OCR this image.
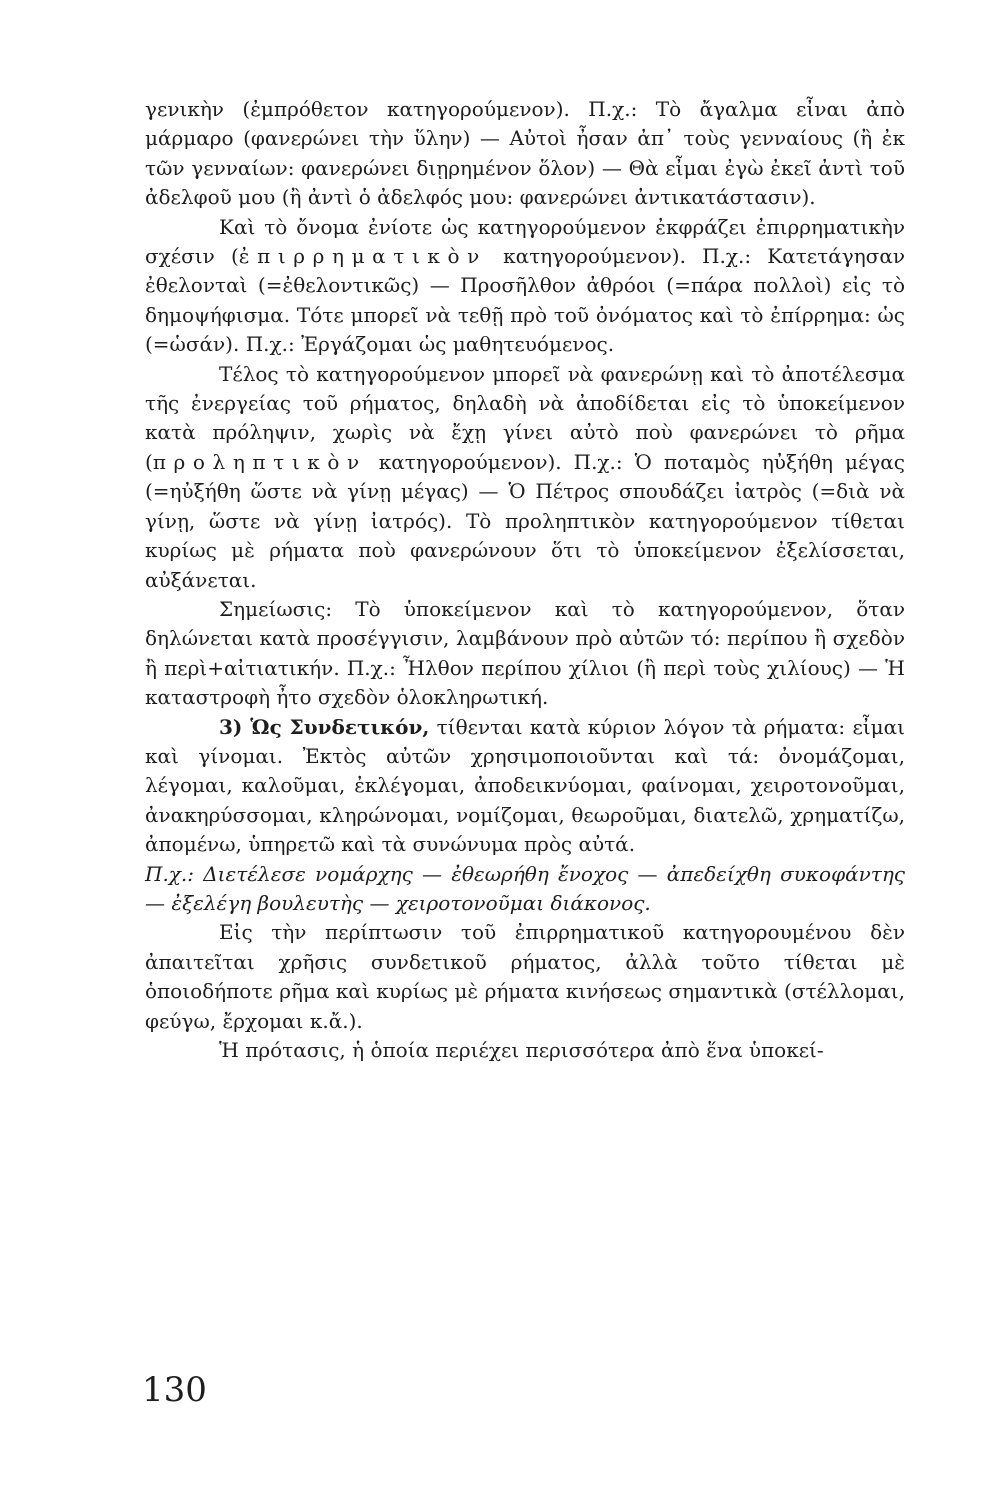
γενικὴν (ἐμπρόθετον κατηγορούμενον). Π.χ.: Τὸ ἄγαλμα εἶναι ἀπὸ μάρμαρο (φανερώνει τὴν ὕλην) — Αὐτοὶ ἦσαν ἀπ᾽ τοὺς γενναίους (ἢ ἐκ τῶν γενναίων: φανερώνει διῃρημένον ὅλον) — Θὰ εἶμαι ἐγὼ ἐκεῖ ἀντὶ τοῦ ἀδελφοῦ μου (ἢ ἀντὶ ὁ ἀδελφός μου: φανερώνει ἀντικατάστασιν).

Καὶ τὸ ὄνομα ἐνίοτε ὡς κατηγορούμενον ἐκφράζει ἐπιρρηματικὴν σχέσιν (ἐπιρρηματικὸν κατηγορούμενον). Π.χ.: Κατετάγησαν ἐθελονταὶ (=ἐθελοντικῶς) — Προσῆλθον ἀθρόοι (=πάρα πολλοὶ) εἰς τὸ δημοψήφισμα. Τότε μπορεῖ νὰ τεθῇ πρὸ τοῦ ὀνόματος καὶ τὸ ἐπίρρημα: ὡς (=ὡσάν). Π.χ.: Ἐργάζομαι ὡς μαθητευόμενος.

Τέλος τὸ κατηγορούμενον μπορεῖ νὰ φανερώνῃ καὶ τὸ ἀποτέλεσμα τῆς ἐνεργείας τοῦ ρήματος, δηλαδὴ νὰ ἀποδίδεται εἰς τὸ ὑποκείμενον κατὰ πρόληψιν, χωρὶς νὰ ἔχῃ γίνει αὐτὸ ποὺ φανερώνει τὸ ρῆμα (προληπτικὸν κατηγορούμενον). Π.χ.: Ὁ ποταμὸς ηὐξήθη μέγας (=ηὐξήθη ὥστε νὰ γίνῃ μέγας) — Ὁ Πέτρος σπουδάζει ἰατρὸς (=διὰ νὰ γίνῃ, ὥστε νὰ γίνῃ ἰατρός). Τὸ προληπτικὸν κατηγορούμενον τίθεται κυρίως μὲ ρήματα ποὺ φανερώνουν ὅτι τὸ ὑποκείμενον ἐξελίσσεται, αὐξάνεται.

Σημείωσις: Τὸ ὑποκείμενον καὶ τὸ κατηγορούμενον, ὅταν δηλώνεται κατὰ προσέγγισιν, λαμβάνουν πρὸ αὐτῶν τό: περίπου ἢ σχεδὸν ἢ περὶ+αἰτιατικήν. Π.χ.: Ἦλθον περίπου χίλιοι (ἢ περὶ τοὺς χιλίους) — Ἡ καταστροφὴ ἦτο σχεδὸν ὁλοκληρωτική.

3) Ὡς Συνδετικόν, τίθενται κατὰ κύριον λόγον τὰ ρήματα: εἶμαι καὶ γίνομαι. Ἐκτὸς αὐτῶν χρησιμοποιοῦνται καὶ τά: ὀνομάζομαι, λέγομαι, καλοῦμαι, ἐκλέγομαι, ἀποδεικνύομαι, φαίνομαι, χειροτονοῦμαι, ἀνακηρύσσομαι, κληρώνομαι, νομίζομαι, θεωροῦμαι, διατελῶ, χρηματίζω, ἀπομένω, ὑπηρετῶ καὶ τὰ συνώνυμα πρὸς αὐτά.

Π.χ.: Διετέλεσε νομάρχης — ἐθεωρήθη ἔνοχος — ἀπεδείχθη συκοφάντης — ἐξελέγη βουλευτὴς — χειροτονοῦμαι διάκονος.

Εἰς τὴν περίπτωσιν τοῦ ἐπιρρηματικοῦ κατηγορουμένου δὲν ἀπαιτεῖται χρῆσις συνδετικοῦ ρήματος, ἀλλὰ τοῦτο τίθεται μὲ ὁποιοδήποτε ρῆμα καὶ κυρίως μὲ ρήματα κινήσεως σημαντικὰ (στέλλομαι, φεύγω, ἔρχομαι κ.ἄ.).

Ἡ πρότασις, ἡ ὁποία περιέχει περισσότερα ἀπὸ ἕνα ὑποκεί-

130
